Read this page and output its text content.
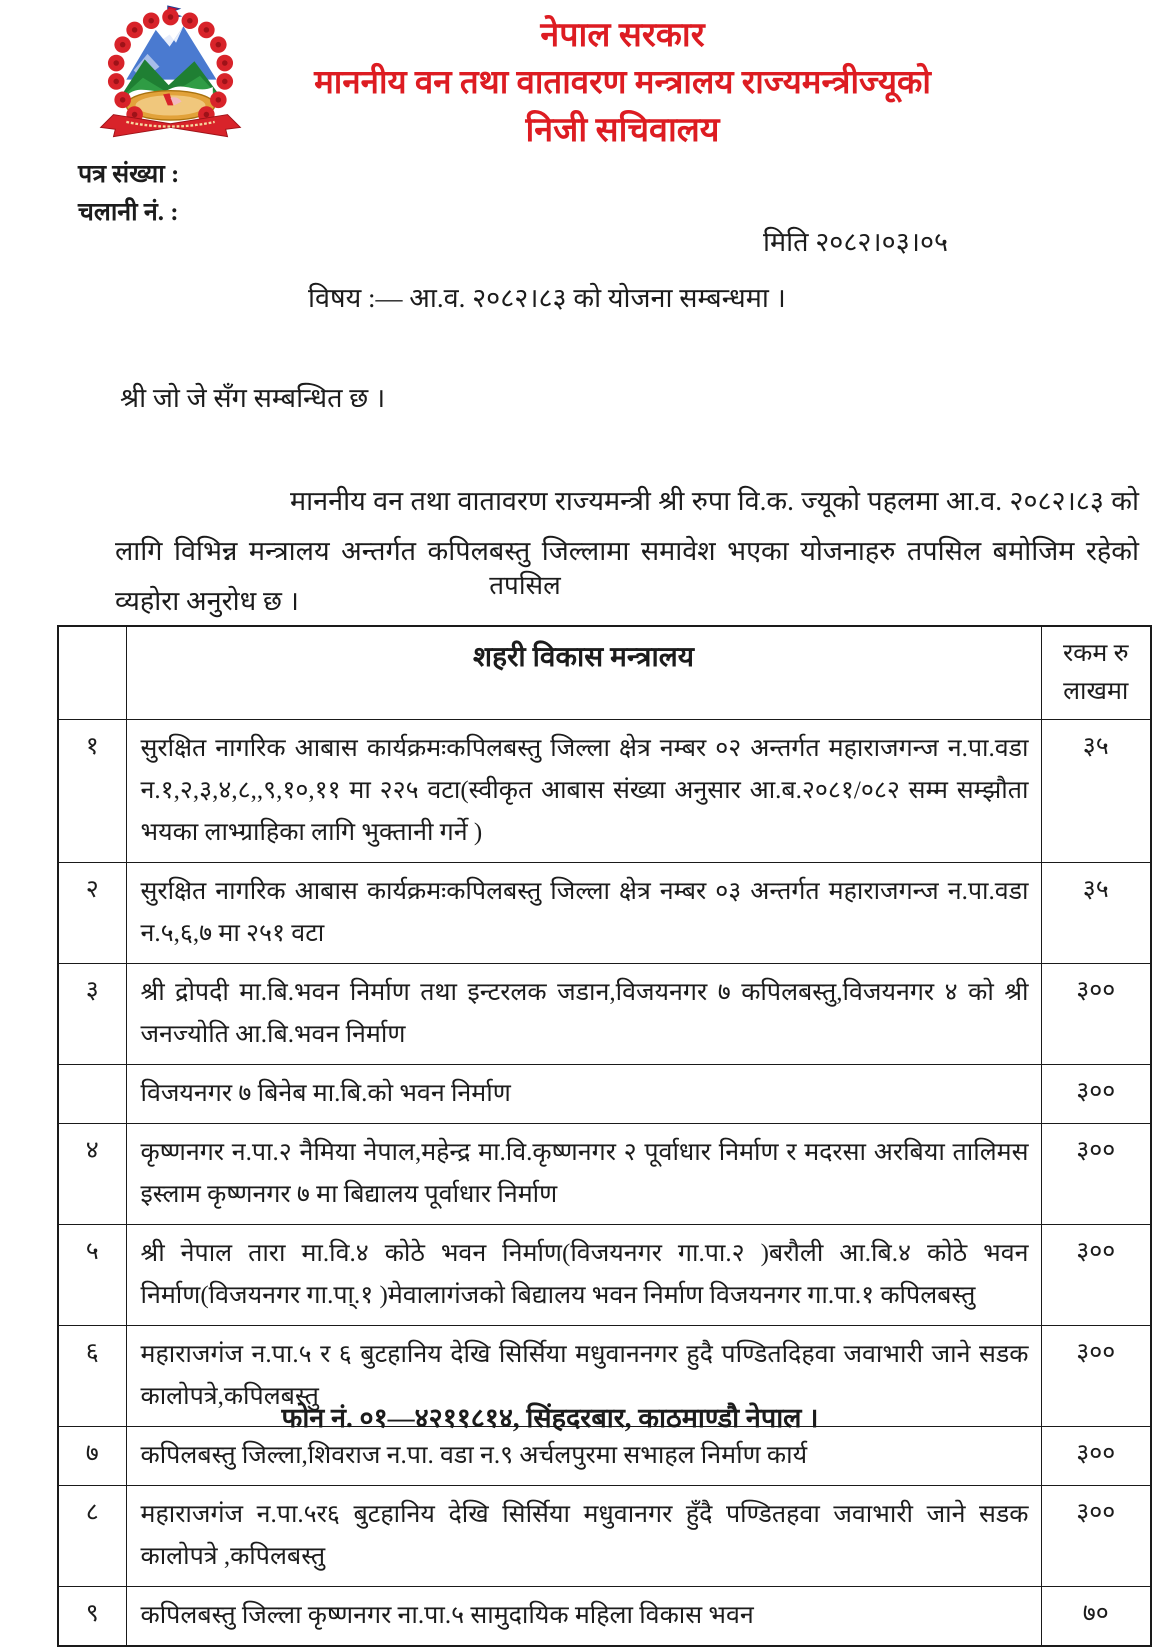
नेपाल सरकार
माननीय वन तथा वातावरण मन्त्रालय राज्यमन्त्रीज्यूको
निजी सचिवालय
पत्र संख्या :
चलानी नं. :
मिति २०८२।०३।०५
विषय :— आ.व. २०८२।८३ को योजना सम्बन्धमा ।
श्री जो जे सँग सम्बन्धित छ ।
माननीय वन तथा वातावरण राज्यमन्त्री श्री रुपा वि.क. ज्यूको पहलमा आ.व. २०८२।८३ को लागि विभिन्न मन्त्रालय अन्तर्गत कपिलबस्तु जिल्लामा समावेश भएका योजनाहरु तपसिल बमोजिम रहेको व्यहोरा अनुरोध छ ।
तपसिल
	शहरी विकास मन्त्रालय	रकम रु
लाखमा

१	सुरक्षित नागरिक आबास कार्यक्रमःकपिलबस्तु जिल्ला क्षेत्र नम्बर ०२ अन्तर्गत महाराजगन्ज न.पा.वडा न.१,२,३,४,८,,९,१०,११ मा २२५ वटा(स्वीकृत आबास संख्या अनुसार आ.ब.२०८१/०८२ सम्म सम्झौता भयका लाभ्ग्राहिका लागि भुक्तानी गर्ने )	३५
२	सुरक्षित नागरिक आबास कार्यक्रमःकपिलबस्तु जिल्ला क्षेत्र नम्बर ०३ अन्तर्गत महाराजगन्ज न.पा.वडा न.५,६,७ मा २५१ वटा	३५
३	श्री द्रोपदी मा.बि.भवन निर्माण तथा इन्टरलक जडान,विजयनगर ७ कपिलबस्तु,विजयनगर ४ को श्री जनज्योति आ.बि.भवन निर्माण	३००
	विजयनगर ७ बिनेब मा.बि.को भवन निर्माण	३००
४	कृष्णनगर न.पा.२ नैमिया नेपाल,महेन्द्र मा.वि.कृष्णनगर २ पूर्वाधार निर्माण र मदरसा अरबिया तालिमस इस्लाम कृष्णनगर ७ मा बिद्यालय पूर्वाधार निर्माण	३००
५	श्री नेपाल तारा मा.वि.४ कोठे भवन निर्माण(विजयनगर गा.पा.२ )बरौली आ.बि.४ कोठे भवन निर्माण(विजयनगर गा.पा्.१ )मेवालागंजको बिद्यालय भवन निर्माण विजयनगर गा.पा.१ कपिलबस्तु	३००
६	महाराजगंज न.पा.५ र ६ बुटहानिय देखि सिर्सिया मधुवाननगर हुदै पण्डितदिहवा जवाभारी जाने सडक कालोपत्रे,कपिलबस्तु	३००
७	कपिलबस्तु जिल्ला,शिवराज न.पा. वडा न.९ अर्चलपुरमा सभाहल निर्माण कार्य	३००
८	महाराजगंज न.पा.५र६ बुटहानिय देखि सिर्सिया मधुवानगर हुँदै पण्डितहवा जवाभारी जाने सडक कालोपत्रे ,कपिलबस्तु	३००
९	कपिलबस्तु जिल्ला कृष्णनगर ना.पा.५ सामुदायिक महिला विकास भवन	७०
फोन नं. ०१—४२११८१४, सिंहदरबार, काठमाण्डौ नेपाल ।
